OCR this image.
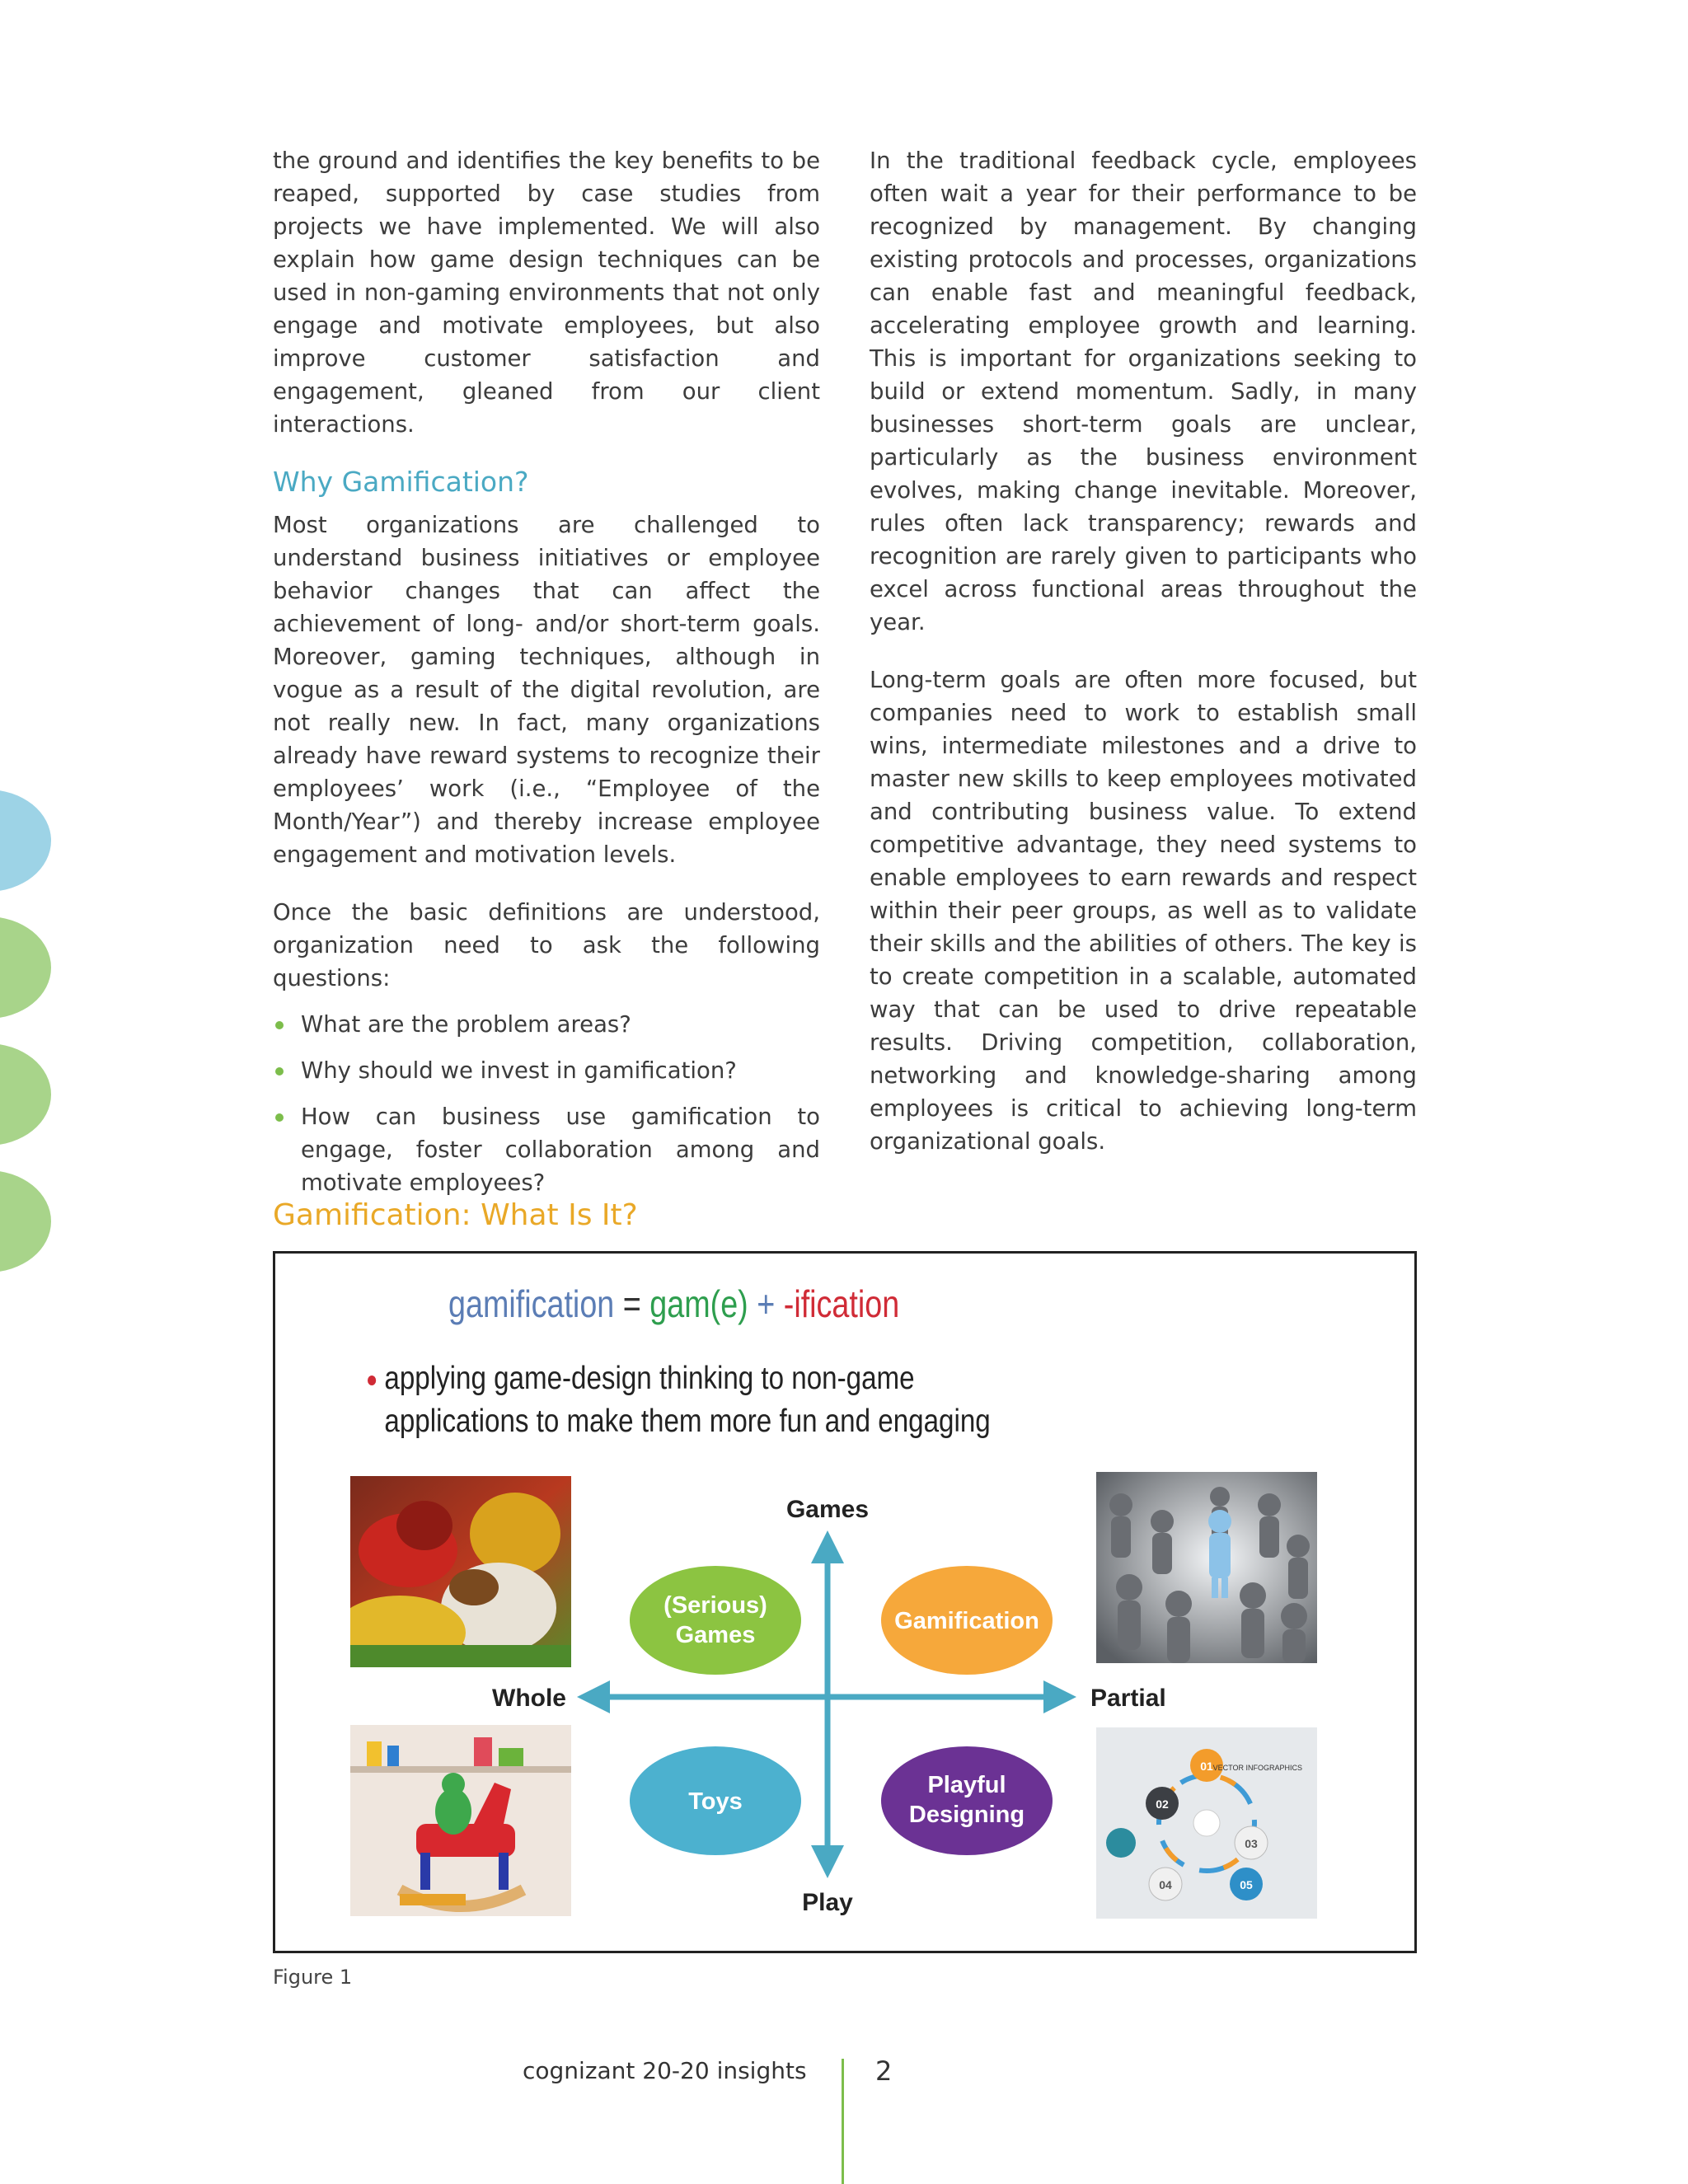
the ground and identifies the key benefits to be reaped, supported by case studies from projects we have implemented. We will also explain how game design techniques can be used in non-gaming environments that not only engage and motivate employees, but also improve customer satisfaction and engagement, gleaned from our client interactions.

Why Gamification?

Most organizations are challenged to understand business initiatives or employee behavior changes that can affect the achievement of long- and/or short-term goals. Moreover, gaming techniques, although in vogue as a result of the digital revolution, are not really new. In fact, many organizations already have reward systems to recognize their employees’ work (i.e., “Employee of the Month/Year”) and thereby increase employee engagement and motivation levels.

Once the basic definitions are understood, organization need to ask the following questions:

What are the problem areas?
Why should we invest in gamification?
How can business use gamification to engage, foster collaboration among and motivate employees?

In the traditional feedback cycle, employees often wait a year for their performance to be recognized by management. By changing existing protocols and processes, organizations can enable fast and meaningful feedback, accelerating employee growth and learning. This is important for organizations seeking to build or extend momentum. Sadly, in many businesses short-term goals are unclear, particularly as the business environment evolves, making change inevitable. Moreover, rules often lack transparency; rewards and recognition are rarely given to participants who excel across functional areas throughout the year.

Long-term goals are often more focused, but companies need to work to establish small wins, intermediate milestones and a drive to master new skills to keep employees motivated and contributing business value. To extend competitive advantage, they need systems to enable employees to earn rewards and respect within their peer groups, as well as to validate their skills and the abilities of others. The key is to create competition in a scalable, automated way that can be used to drive repeatable results. Driving competition, collaboration, networking and knowledge-sharing among employees is critical to achieving long-term organizational goals.

Gamification: What Is It?
gamification = gam(e) + -ification
applying game-design thinking to non-game applications to make them more fun and engaging
01
02
03
04	05
VECTOR INFOGRAPHICS
Games
Play
Whole	Partial
(Serious)
Games
Gamification
Toys
Playful
Designing
Figure 1
cognizant 20-20 insights	2
